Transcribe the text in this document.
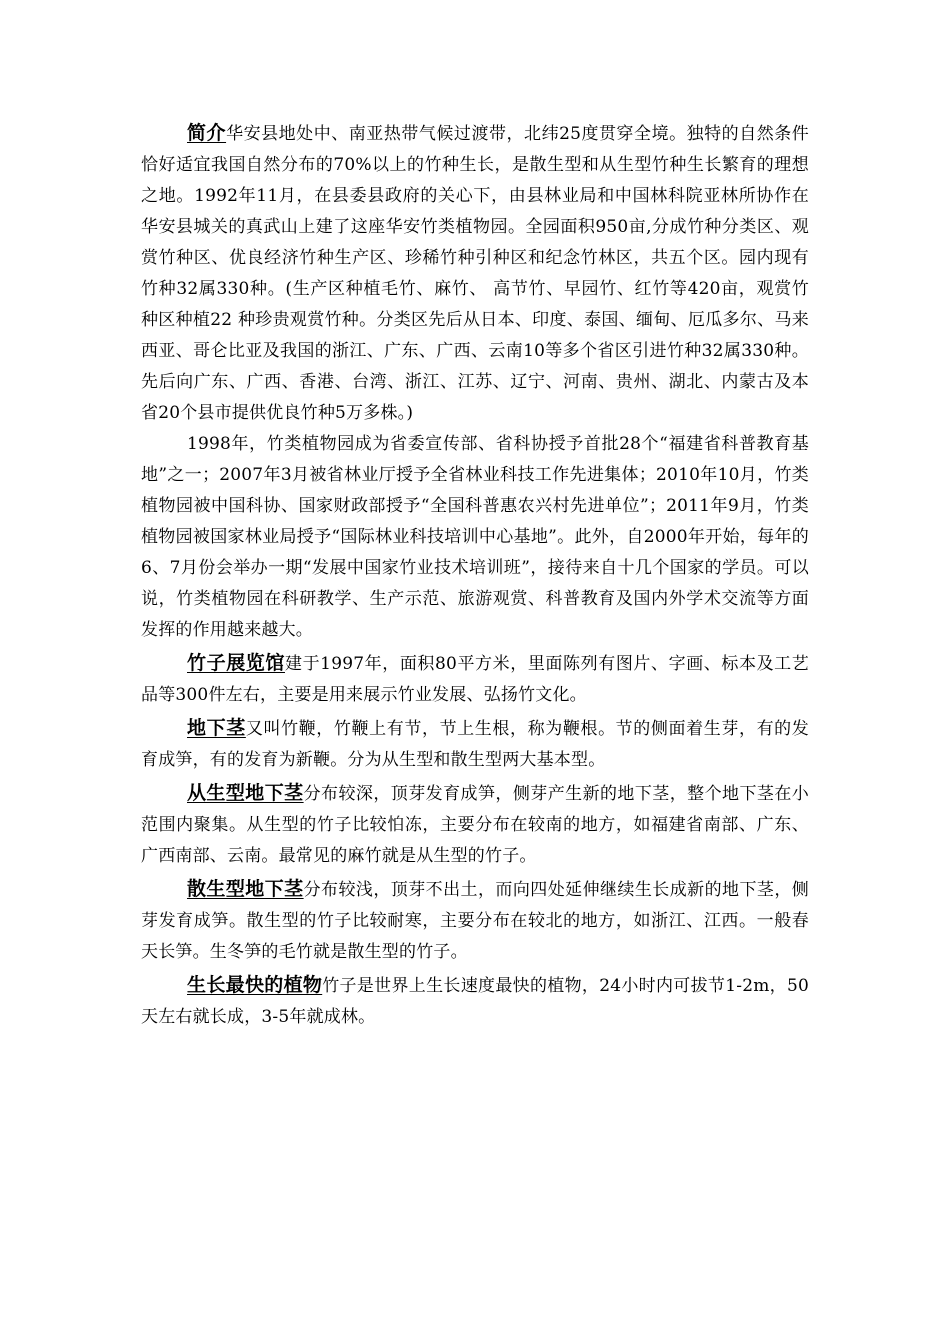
简介华安县地处中、南亚热带气候过渡带，北纬25度贯穿全境。独特的自然条件恰好适宜我国自然分布的70%以上的竹种生长，是散生型和从生型竹种生长繁育的理想之地。1992年11月，在县委县政府的关心下，由县林业局和中国林科院亚林所协作在华安县城关的真武山上建了这座华安竹类植物园。全园面积950亩,分成竹种分类区、观赏竹种区、优良经济竹种生产区、珍稀竹种引种区和纪念竹林区，共五个区。园内现有竹种32属330种。(生产区种植毛竹、麻竹、 高节竹、早园竹、红竹等420亩，观赏竹种区种植22 种珍贵观赏竹种。分类区先后从日本、印度、泰国、缅甸、厄瓜多尔、马来西亚、哥仑比亚及我国的浙江、广东、广西、云南10等多个省区引进竹种32属330种。先后向广东、广西、香港、台湾、浙江、江苏、辽宁、河南、贵州、湖北、内蒙古及本省20个县市提供优良竹种5万多株。)

1998年，竹类植物园成为省委宣传部、省科协授予首批28个“福建省科普教育基地”之一；2007年3月被省林业厅授予全省林业科技工作先进集体；2010年10月，竹类植物园被中国科协、国家财政部授予“全国科普惠农兴村先进单位”；2011年9月，竹类植物园被国家林业局授予“国际林业科技培训中心基地”。此外，自2000年开始，每年的6、7月份会举办一期“发展中国家竹业技术培训班”，接待来自十几个国家的学员。可以说，竹类植物园在科研教学、生产示范、旅游观赏、科普教育及国内外学术交流等方面发挥的作用越来越大。

竹子展览馆建于1997年，面积80平方米，里面陈列有图片、字画、标本及工艺品等300件左右，主要是用来展示竹业发展、弘扬竹文化。

地下茎又叫竹鞭，竹鞭上有节，节上生根，称为鞭根。节的侧面着生芽，有的发育成笋，有的发育为新鞭。分为从生型和散生型两大基本型。

从生型地下茎分布较深，顶芽发育成笋，侧芽产生新的地下茎，整个地下茎在小范围内聚集。从生型的竹子比较怕冻，主要分布在较南的地方，如福建省南部、广东、广西南部、云南。最常见的麻竹就是从生型的竹子。

散生型地下茎分布较浅，顶芽不出土，而向四处延伸继续生长成新的地下茎，侧芽发育成笋。散生型的竹子比较耐寒，主要分布在较北的地方，如浙江、江西。一般春天长笋。生冬笋的毛竹就是散生型的竹子。

生长最快的植物竹子是世界上生长速度最快的植物，24小时内可拔节1-2m，50天左右就长成，3-5年就成林。
